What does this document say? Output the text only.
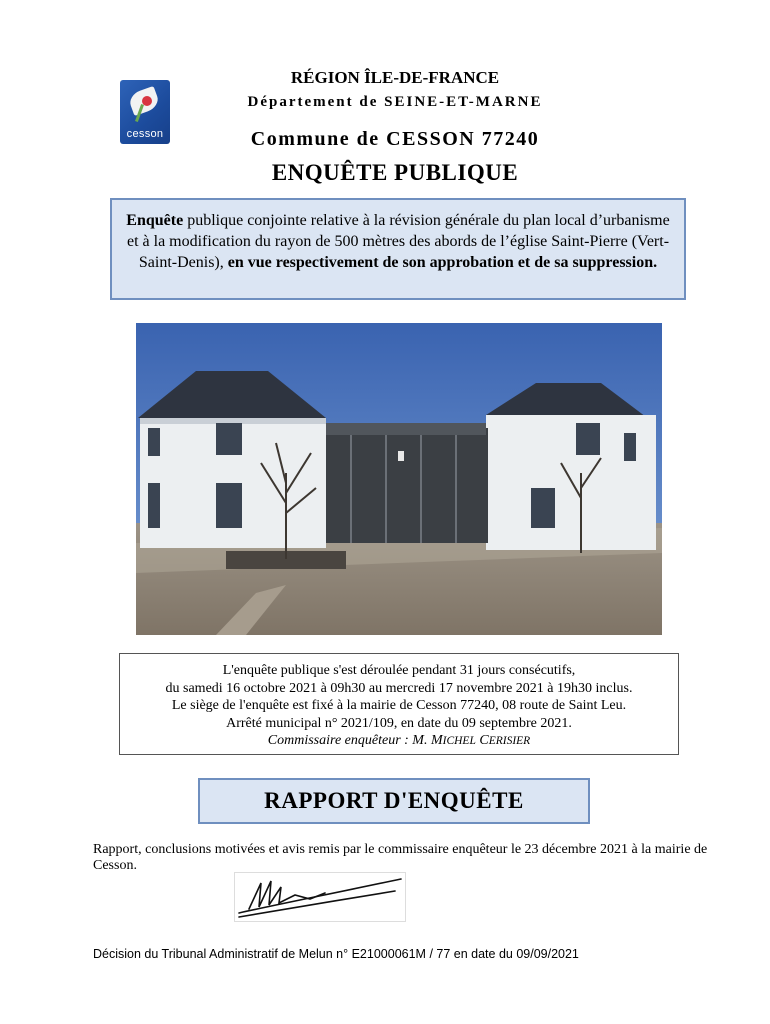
cesson
RÉGION ÎLE-DE-FRANCE
Département de SEINE-ET-MARNE
Commune de CESSON 77240
ENQUÊTE PUBLIQUE
Enquête publique conjointe relative à la révision générale du plan local d’urbanisme et à la modification du rayon de 500 mètres des abords de l’église Saint-Pierre (Vert-Saint-Denis), en vue respectivement de son approbation et de sa suppression.
L'enquête publique s'est déroulée pendant 31 jours consécutifs,
du samedi 16 octobre 2021 à 09h30 au mercredi 17 novembre 2021 à 19h30 inclus.
Le siège de l'enquête est fixé à la mairie de Cesson 77240, 08 route de Saint Leu.
Arrêté municipal n° 2021/109, en date du 09 septembre 2021.
Commissaire enquêteur : M. MICHEL CERISIER
RAPPORT D'ENQUÊTE
Rapport, conclusions motivées et avis remis par le commissaire enquêteur le 23 décembre 2021 à la mairie de Cesson.
Décision du Tribunal Administratif de Melun n° E21000061M / 77 en date du 09/09/2021
